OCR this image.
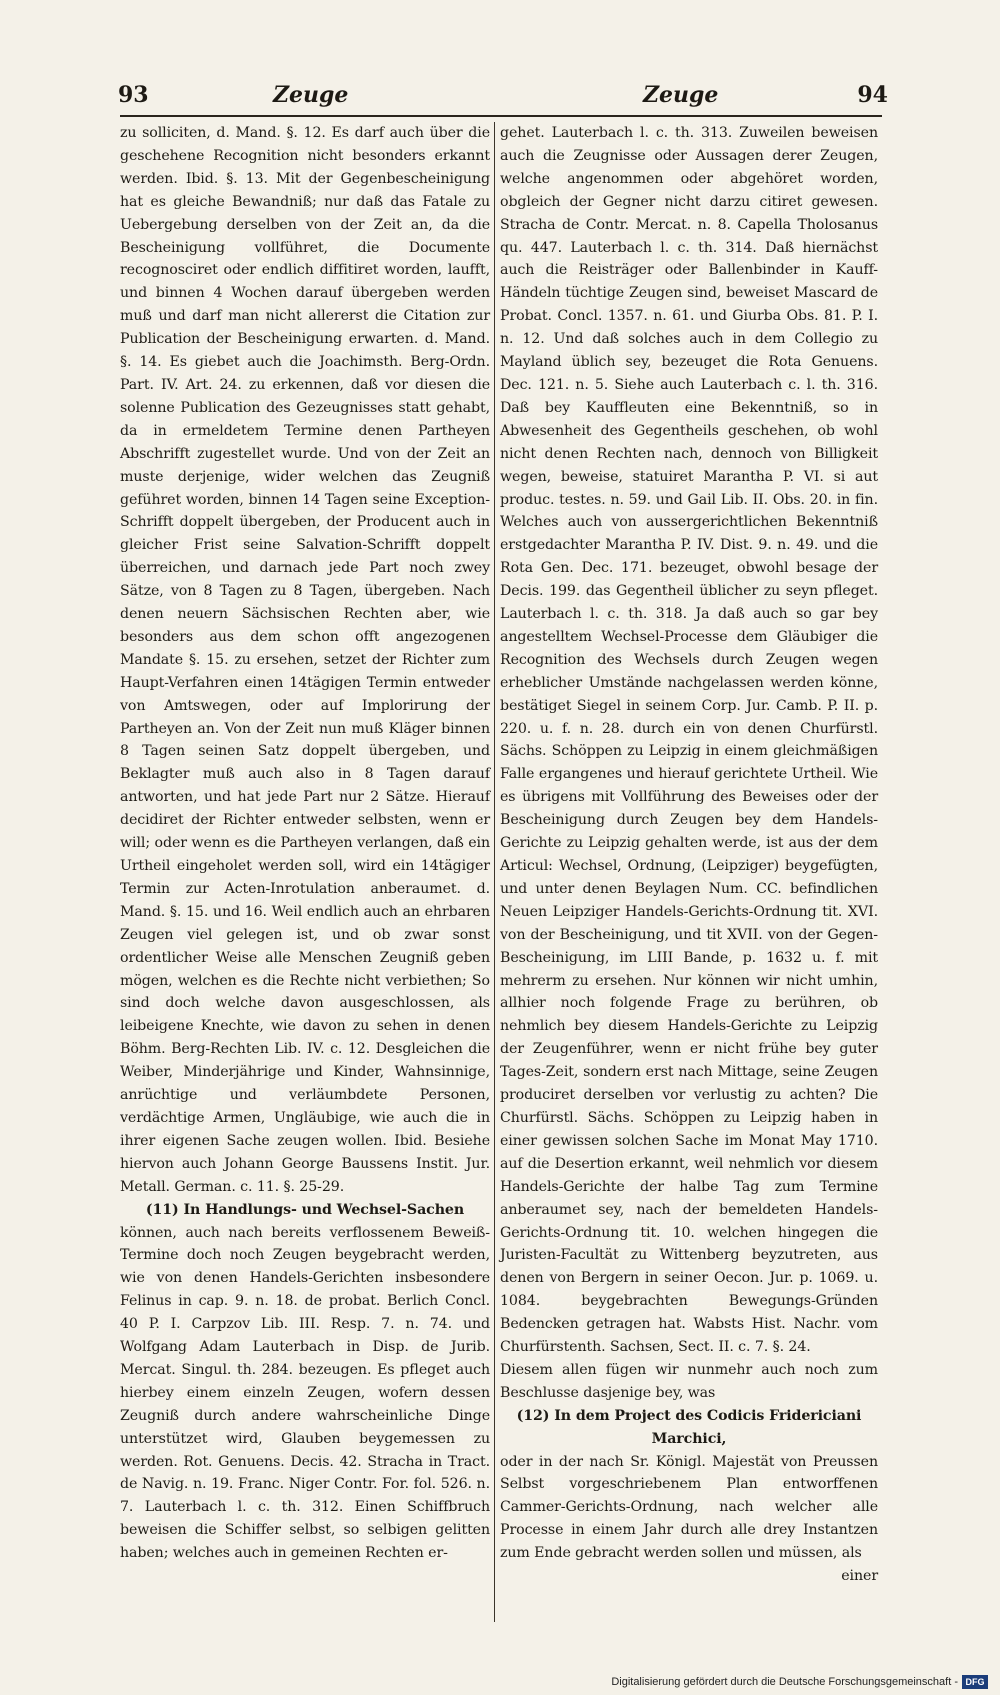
93	Zeuge	Zeuge	94

zu solliciten, d. Mand. §. 12. Es darf auch über die geschehene Recognition nicht besonders erkannt werden. Ibid. §. 13. Mit der Gegenbescheinigung hat es gleiche Bewandniß; nur daß das Fatale zu Uebergebung derselben von der Zeit an, da die Bescheinigung vollführet, die Documente recognosciret oder endlich diffitiret worden, laufft, und binnen 4 Wochen darauf übergeben werden muß und darf man nicht allererst die Citation zur Publication der Bescheinigung erwarten. d. Mand. §. 14. Es giebet auch die Joachimsth. Berg-Ordn. Part. IV. Art. 24. zu erkennen, daß vor diesen die solenne Publication des Gezeugnisses statt gehabt, da in ermeldetem Termine denen Partheyen Abschrifft zugestellet wurde. Und von der Zeit an muste derjenige, wider welchen das Zeugniß geführet worden, binnen 14 Tagen seine Exception-Schrifft doppelt übergeben, der Producent auch in gleicher Frist seine Salvation-Schrifft doppelt überreichen, und darnach jede Part noch zwey Sätze, von 8 Tagen zu 8 Tagen, übergeben. Nach denen neuern Sächsischen Rechten aber, wie besonders aus dem schon offt angezogenen Mandate §. 15. zu ersehen, setzet der Richter zum Haupt-Verfahren einen 14tägigen Termin entweder von Amtswegen, oder auf Implorirung der Partheyen an. Von der Zeit nun muß Kläger binnen 8 Tagen seinen Satz doppelt übergeben, und Beklagter muß auch also in 8 Tagen darauf antworten, und hat jede Part nur 2 Sätze. Hierauf decidiret der Richter entweder selbsten, wenn er will; oder wenn es die Partheyen verlangen, daß ein Urtheil eingeholet werden soll, wird ein 14tägiger Termin zur Acten-Inrotulation anberaumet. d. Mand. §. 15. und 16. Weil endlich auch an ehrbaren Zeugen viel gelegen ist, und ob zwar sonst ordentlicher Weise alle Menschen Zeugniß geben mögen, welchen es die Rechte nicht verbiethen; So sind doch welche davon ausgeschlossen, als leibeigene Knechte, wie davon zu sehen in denen Böhm. Berg-Rechten Lib. IV. c. 12. Desgleichen die Weiber, Minderjährige und Kinder, Wahnsinnige, anrüchtige und verläumbdete Personen, verdächtige Armen, Ungläubige, wie auch die in ihrer eigenen Sache zeugen wollen. Ibid. Besiehe hiervon auch Johann George Baussens Instit. Jur. Metall. German. c. 11. §. 25-29.

(11) In Handlungs- und Wechsel-Sachen

können, auch nach bereits verflossenem Beweiß-Termine doch noch Zeugen beygebracht werden, wie von denen Handels-Gerichten insbesondere Felinus in cap. 9. n. 18. de probat. Berlich Concl. 40 P. I. Carpzov Lib. III. Resp. 7. n. 74. und Wolfgang Adam Lauterbach in Disp. de Jurib. Mercat. Singul. th. 284. bezeugen. Es pfleget auch hierbey einem einzeln Zeugen, wofern dessen Zeugniß durch andere wahrscheinliche Dinge unterstützet wird, Glauben beygemessen zu werden. Rot. Genuens. Decis. 42. Stracha in Tract. de Navig. n. 19. Franc. Niger Contr. For. fol. 526. n. 7. Lauterbach l. c. th. 312. Einen Schiffbruch beweisen die Schiffer selbst, so selbigen gelitten haben; welches auch in gemeinen Rechten er-

gehet. Lauterbach l. c. th. 313. Zuweilen beweisen auch die Zeugnisse oder Aussagen derer Zeugen, welche angenommen oder abgehöret worden, obgleich der Gegner nicht darzu citiret gewesen. Stracha de Contr. Mercat. n. 8. Capella Tholosanus qu. 447. Lauterbach l. c. th. 314. Daß hiernächst auch die Reisträger oder Ballenbinder in Kauff-Händeln tüchtige Zeugen sind, beweiset Mascard de Probat. Concl. 1357. n. 61. und Giurba Obs. 81. P. I. n. 12. Und daß solches auch in dem Collegio zu Mayland üblich sey, bezeuget die Rota Genuens. Dec. 121. n. 5. Siehe auch Lauterbach c. l. th. 316. Daß bey Kauffleuten eine Bekenntniß, so in Abwesenheit des Gegentheils geschehen, ob wohl nicht denen Rechten nach, dennoch von Billigkeit wegen, beweise, statuiret Marantha P. VI. si aut produc. testes. n. 59. und Gail Lib. II. Obs. 20. in fin. Welches auch von aussergerichtlichen Bekenntniß erstgedachter Marantha P. IV. Dist. 9. n. 49. und die Rota Gen. Dec. 171. bezeuget, obwohl besage der Decis. 199. das Gegentheil üblicher zu seyn pfleget. Lauterbach l. c. th. 318. Ja daß auch so gar bey angestelltem Wechsel-Processe dem Gläubiger die Recognition des Wechsels durch Zeugen wegen erheblicher Umstände nachgelassen werden könne, bestätiget Siegel in seinem Corp. Jur. Camb. P. II. p. 220. u. f. n. 28. durch ein von denen Churfürstl. Sächs. Schöppen zu Leipzig in einem gleichmäßigen Falle ergangenes und hierauf gerichtete Urtheil. Wie es übrigens mit Vollführung des Beweises oder der Bescheinigung durch Zeugen bey dem Handels-Gerichte zu Leipzig gehalten werde, ist aus der dem Articul: Wechsel, Ordnung, (Leipziger) beygefügten, und unter denen Beylagen Num. CC. befindlichen Neuen Leipziger Handels-Gerichts-Ordnung tit. XVI. von der Bescheinigung, und tit XVII. von der Gegen-Bescheinigung, im LIII Bande, p. 1632 u. f. mit mehrerm zu ersehen. Nur können wir nicht umhin, allhier noch folgende Frage zu berühren, ob nehmlich bey diesem Handels-Gerichte zu Leipzig der Zeugenführer, wenn er nicht frühe bey guter Tages-Zeit, sondern erst nach Mittage, seine Zeugen produciret derselben vor verlustig zu achten? Die Churfürstl. Sächs. Schöppen zu Leipzig haben in einer gewissen solchen Sache im Monat May 1710. auf die Desertion erkannt, weil nehmlich vor diesem Handels-Gerichte der halbe Tag zum Termine anberaumet sey, nach der bemeldeten Handels-Gerichts-Ordnung tit. 10. welchen hingegen die Juristen-Facultät zu Wittenberg beyzutreten, aus denen von Bergern in seiner Oecon. Jur. p. 1069. u. 1084. beygebrachten Bewegungs-Gründen Bedencken getragen hat. Wabsts Hist. Nachr. vom Churfürstenth. Sachsen, Sect. II. c. 7. §. 24.

Diesem allen fügen wir nunmehr auch noch zum Beschlusse dasjenige bey, was

(12) In dem Project des Codicis Fridericiani Marchici,

oder in der nach Sr. Königl. Majestät von Preussen Selbst vorgeschriebenem Plan entworffenen Cammer-Gerichts-Ordnung, nach welcher alle Processe in einem Jahr durch alle drey Instantzen zum Ende gebracht werden sollen und müssen, als

einer

Digitalisierung gefördert durch die Deutsche Forschungsgemeinschaft - DFG
